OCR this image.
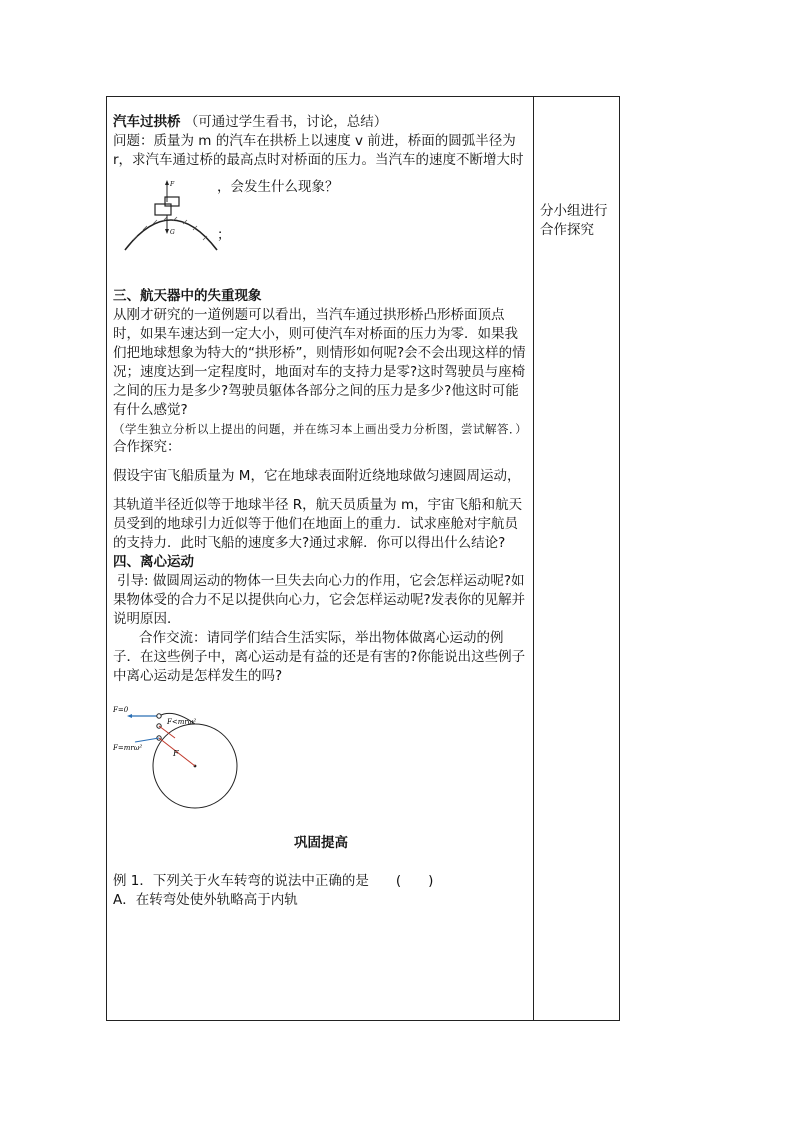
汽车过拱桥 （可通过学生看书，讨论，总结）

问题：质量为 m 的汽车在拱桥上以速度 v 前进，桥面的圆弧半径为 r，求汽车通过桥的最高点时对桥面的压力。当汽车的速度不断增大时

F
G
，会发生什么现象？
；

三、航天器中的失重现象

从刚才研究的一道例题可以看出，当汽车通过拱形桥凸形桥面顶点时，如果车速达到一定大小，则可使汽车对桥面的压力为零．如果我们把地球想象为特大的“拱形桥”，则情形如何呢?会不会出现这样的情况；速度达到一定程度时，地面对车的支持力是零?这时驾驶员与座椅之间的压力是多少?驾驶员躯体各部分之间的压力是多少?他这时可能有什么感觉?

（学生独立分析以上提出的问题，并在练习本上画出受力分析图，尝试解答．）

合作探究：

假设宇宙飞船质量为 M，它在地球表面附近绕地球做匀速圆周运动，

其轨道半径近似等于地球半径 R，航天员质量为 m，宇宙飞船和航天员受到的地球引力近似等于他们在地面上的重力．试求座舱对宇航员的支持力．此时飞船的速度多大?通过求解．你可以得出什么结论?

四、离心运动

引导: 做圆周运动的物体一旦失去向心力的作用，它会怎样运动呢?如果物体受的合力不足以提供向心力，它会怎样运动呢?发表你的见解并说明原因．

合作交流：请同学们结合生活实际，举出物体做离心运动的例子．在这些例子中，离心运动是有益的还是有害的?你能说出这些例子中离心运动是怎样发生的吗?

F=0
F<mrω²
F=mrω²
F

巩固提高

例 1．下列关于火车转弯的说法中正确的是　　(　　)

A．在转弯处使外轨略高于内轨

分小组进行合作探究
